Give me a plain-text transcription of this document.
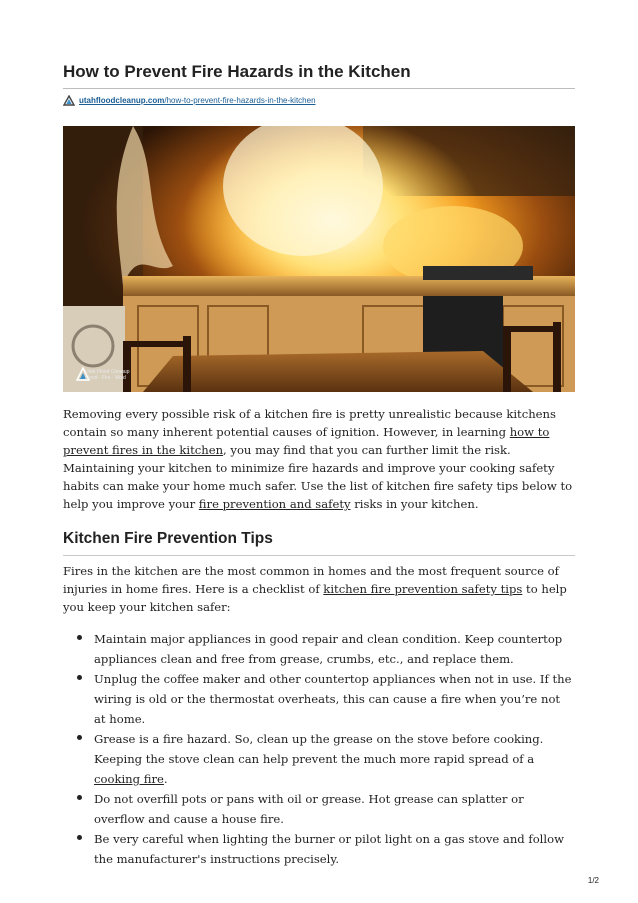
How to Prevent Fire Hazards in the Kitchen
utahfloodcleanup.com /how-to-prevent-fire-hazards-in-the-kitchen
Utah Flood Cleanup
Flood · Fire · Mold

Removing every possible risk of a kitchen fire is pretty unrealistic because kitchens contain so many inherent potential causes of ignition. However, in learning how to prevent fires in the kitchen, you may find that you can further limit the risk. Maintaining your kitchen to minimize fire hazards and improve your cooking safety habits can make your home much safer. Use the list of kitchen fire safety tips below to help you improve your fire prevention and safety risks in your kitchen.

Kitchen Fire Prevention Tips

Fires in the kitchen are the most common in homes and the most frequent source of injuries in home fires. Here is a checklist of kitchen fire prevention safety tips to help you keep your kitchen safer:

Maintain major appliances in good repair and clean condition. Keep countertop appliances clean and free from grease, crumbs, etc., and replace them.
Unplug the coffee maker and other countertop appliances when not in use. If the wiring is old or the thermostat overheats, this can cause a fire when you’re not at home.
Grease is a fire hazard. So, clean up the grease on the stove before cooking. Keeping the stove clean can help prevent the much more rapid spread of a cooking fire.
Do not overfill pots or pans with oil or grease. Hot grease can splatter or overflow and cause a house fire.
Be very careful when lighting the burner or pilot light on a gas stove and follow the manufacturer's instructions precisely.
1/2
